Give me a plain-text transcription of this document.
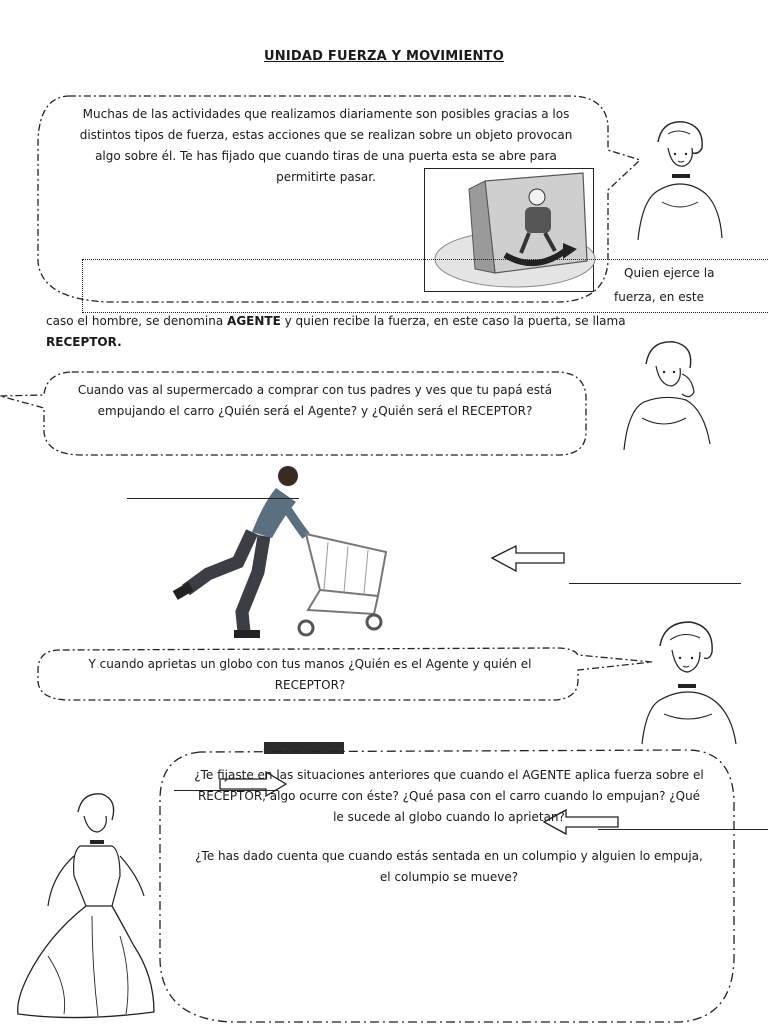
UNIDAD FUERZA Y MOVIMIENTO
Muchas de las actividades que realizamos diariamente son posibles gracias a los distintos tipos de fuerza, estas acciones que se realizan sobre un objeto provocan algo sobre él. Te has fijado que cuando tiras de una puerta esta se abre para permitirte pasar.
Quien ejerce la
fuerza, en este
caso el hombre, se denomina AGENTE y quien recibe la fuerza, en este caso la puerta, se llama
RECEPTOR.
Cuando vas al supermercado a comprar con tus padres y ves que tu papá está empujando el carro ¿Quién será el Agente? y ¿Quién será el RECEPTOR?
Y cuando aprietas un globo con tus manos ¿Quién es el Agente y quién el RECEPTOR?
¿Te fijaste en las situaciones anteriores que cuando el AGENTE aplica fuerza sobre el RECEPTOR, algo ocurre con éste? ¿Qué pasa con el carro cuando lo empujan? ¿Qué le sucede al globo cuando lo aprietan?
¿Te has dado cuenta que cuando estás sentada en un columpio y alguien lo empuja, el columpio se mueve?
